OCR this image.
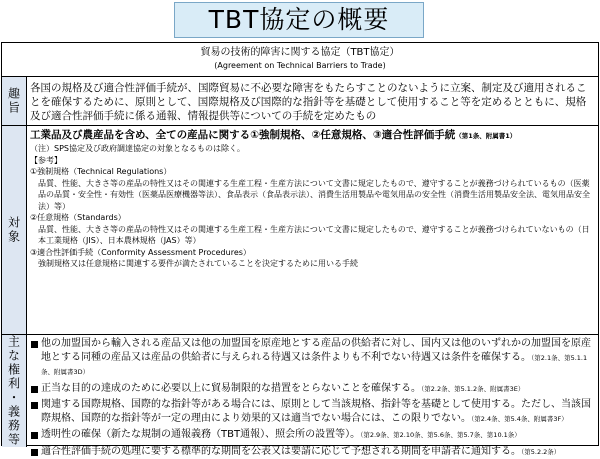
TBT協定の概要
貿易の技術的障害に関する協定（TBT協定）
(Agreement on Technical Barriers to Trade)
趣旨 各国の規格及び適合性評価手続が、国際貿易に不必要な障害をもたらすことのないように立案、制定及び適用されることを確保するために、原則として、国際規格及び国際的な指針等を基礎として使用すること等を定めるとともに、規格及び適合性評価手続に係る通報、情報提供等についての手続を定めたもの
対象
工業品及び農産品を含め、全ての産品に関する①強制規格、②任意規格、③適合性評価手続（第1条、附属書1）
（注）SPS協定及び政府調達協定の対象となるものは除く。
【参考】
①強制規格（Technical Regulations）
品質、性能、大きさ等の産品の特性又はその関連する生産工程・生産方法について文書に規定したもので、遵守することが義務づけられているもの（医薬品の品質・安全性・有効性（医薬品医療機器等法）、食品表示（食品表示法）、消費生活用製品や電気用品の安全性（消費生活用製品安全法、電気用品安全法）等）
②任意規格（Standards）
品質、性能、大きさ等の産品の特性又はその関連する生産工程・生産方法について文書に規定したもので、遵守することが義務づけられていないもの（日本工業規格（JIS）、日本農林規格（JAS）等）
③適合性評価手続（Conformity Assessment Procedures）
強制規格又は任意規格に関連する要件が満たされていることを決定するために用いる手続
主な権利・義務等	他の加盟国から輸入される産品又は他の加盟国を原産地とする産品の供給者に対し、国内又は他のいずれかの加盟国を原産地とする同種の産品又は産品の供給者に与えられる待遇又は条件よりも不利でない待遇又は条件を確保する。（第2.1条、第5.1.1条、附属書3D）
正当な目的の達成のために必要以上に貿易制限的な措置をとらないことを確保する。（第2.2条、第5.1.2条、附属書3E）
関連する国際規格、国際的な指針等がある場合には、原則として当該規格、指針等を基礎として使用する。ただし、当該国際規格、国際的な指針等が一定の理由により効果的又は適当でない場合には、この限りでない。（第2.4条、第5.4条、附属書3F）
透明性の確保（新たな規制の通報義務（TBT通報）、照会所の設置等）。（第2.9条、第2.10条、第5.6条、第5.7条、第10.1条）
適合性評価手続の処理に要する標準的な期間を公表又は要請に応じて予想される期間を申請者に通知する。（第5.2.2条）
